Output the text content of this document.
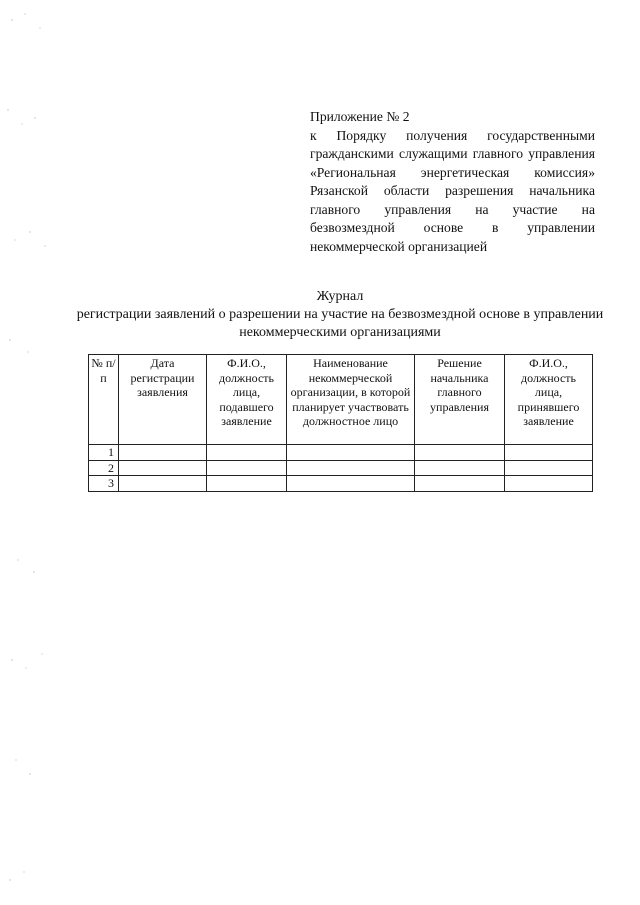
Приложение № 2
к Порядку получения государственными гражданскими служащими главного управления «Региональная энергетическая комиссия» Рязанской области разрешения начальника главного управления на участие на безвозмездной основе в управлении некоммерческой организацией
Журнал
регистрации заявлений о разрешении на участие на безвозмездной основе в управлении некоммерческими организациями
№ п/п	Дата регистрации заявления	Ф.И.О., должность лица, подавшего заявление	Наименование некоммерческой организации, в которой планирует участвовать должностное лицо	Решение начальника главного управления	Ф.И.О., должность лица, принявшего заявление
1					
2					
3					
